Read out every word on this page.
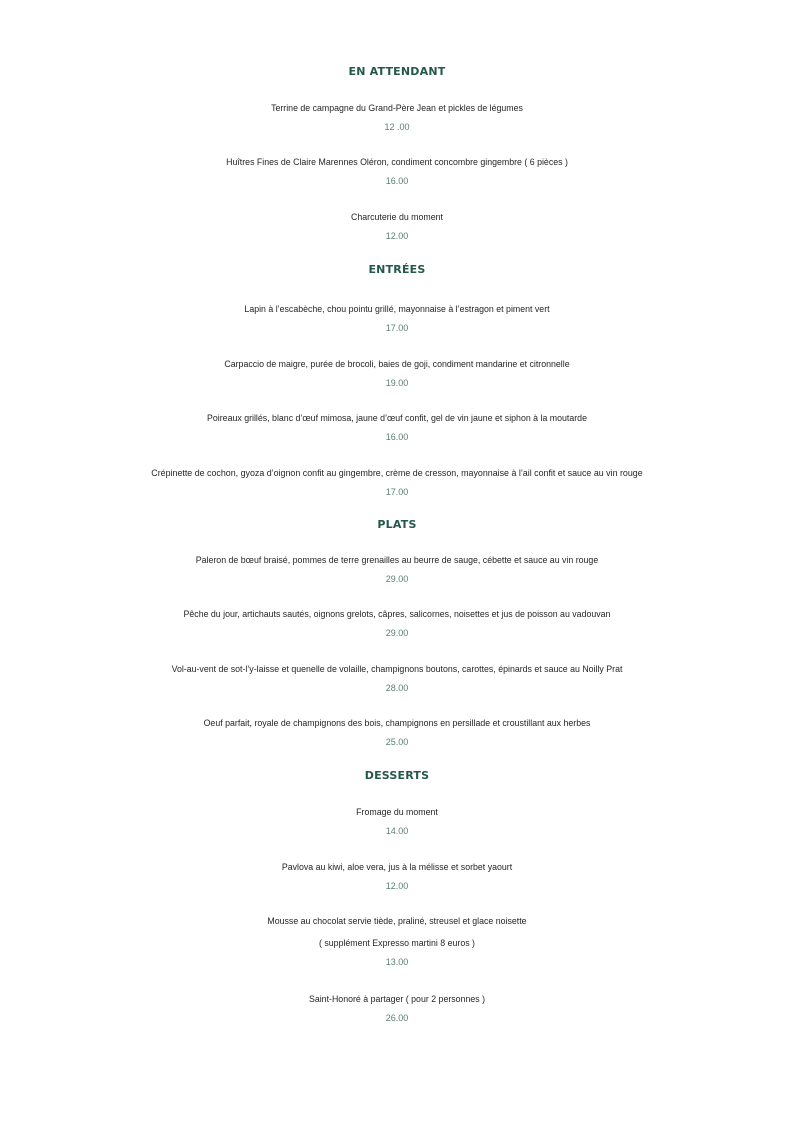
EN ATTENDANT
Terrine de campagne du Grand-Père Jean et pickles de légumes
12 .00
Huîtres Fines de Claire Marennes Oléron, condiment concombre gingembre ( 6 pièces )
16.00
Charcuterie du moment
12.00
ENTRÉES
Lapin à l’escabèche, chou pointu grillé, mayonnaise à l’estragon et piment vert
17.00
Carpaccio de maigre, purée de brocoli, baies de goji, condiment mandarine et citronnelle
19.00
Poireaux grillés, blanc d’œuf mimosa, jaune d’œuf confit, gel de vin jaune et siphon à la moutarde
16.00
Crépinette de cochon, gyoza d’oignon confit au gingembre, crème de cresson, mayonnaise à l’ail confit et sauce au vin rouge
17.00
PLATS
Paleron de bœuf braisé, pommes de terre grenailles au beurre de sauge, cébette et sauce au vin rouge
29.00
Pêche du jour, artichauts sautés, oignons grelots, câpres, salicornes, noisettes et jus de poisson au vadouvan
29.00
Vol-au-vent de sot-l’y-laisse et quenelle de volaille, champignons boutons, carottes, épinards et sauce au Noilly Prat
28.00
Oeuf parfait, royale de champignons des bois, champignons en persillade et croustillant aux herbes
25.00
DESSERTS
Fromage du moment
14.00
Pavlova au kiwi, aloe vera, jus à la mélisse et sorbet yaourt
12.00
Mousse au chocolat servie tiède, praliné, streusel et glace noisette
( supplément Expresso martini 8 euros )
13.00
Saint-Honoré à partager ( pour 2 personnes )
26.00
